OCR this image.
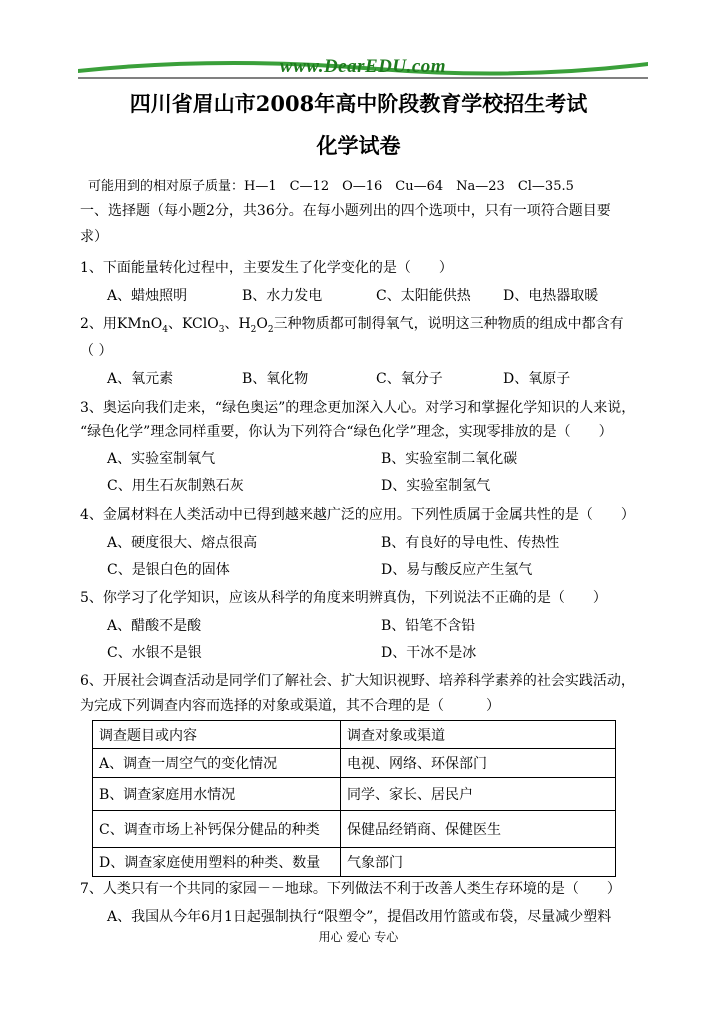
www.DearEDU.com
四川省眉山市2008年高中阶段教育学校招生考试
化学试卷
可能用到的相对原子质量：H—1　C—12　O—16　Cu—64　Na—23　Cl—35.5
一、选择题（每小题2分，共36分。在每小题列出的四个选项中，只有一项符合题目要
求）
1、下面能量转化过程中，主要发生了化学变化的是（　　）
A、蜡烛照明	B、水力发电	C、太阳能供热 D、电热器取暖
2、用KMnO$_4$、KClO$_3$、$H_2O_2$三种物质都可制得氧气，说明这三种物质的组成中都含有
（ ）
A、氧元素	B、氧化物	C、氧分子	D、氧原子
3、奥运向我们走来，“绿色奥运”的理念更加深入人心。对学习和掌握化学知识的人来说，
“绿色化学”理念同样重要，你认为下列符合“绿色化学”理念，实现零排放的是（　　）
A、实验室制氧气	B、实验室制二氧化碳
C、用生石灰制熟石灰	D、实验室制氢气
4、金属材料在人类活动中已得到越来越广泛的应用。下列性质属于金属共性的是（　　）
A、硬度很大、熔点很高	B、有良好的导电性、传热性
C、是银白色的固体	D、易与酸反应产生氢气
5、你学习了化学知识，应该从科学的角度来明辨真伪，下列说法不正确的是（　　）
A、醋酸不是酸	B、铅笔不含铅
C、水银不是银	D、干冰不是冰
6、开展社会调查活动是同学们了解社会、扩大知识视野、培养科学素养的社会实践活动，
为完成下列调查内容而选择的对象或渠道，其不合理的是（　　　）
调查题目或内容	调查对象或渠道
A、调查一周空气的变化情况	电视、网络、环保部门
B、调查家庭用水情况	同学、家长、居民户
C、调查市场上补钙保分健品的种类	保健品经销商、保健医生
D、调查家庭使用塑料的种类、数量	气象部门
7、人类只有一个共同的家园－－地球。下列做法不利于改善人类生存环境的是（　　）
A、我国从今年6月1日起强制执行“限塑令”，提倡改用竹篮或布袋，尽量减少塑料
用心 爱心 专心
